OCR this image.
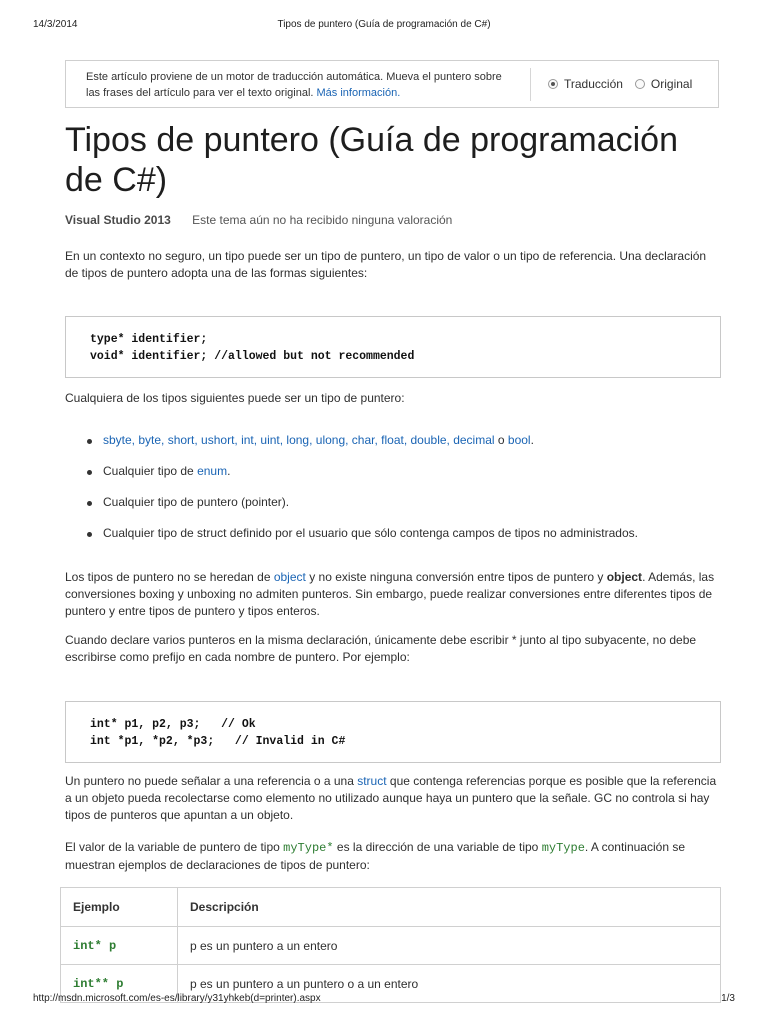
14/3/2014	Tipos de puntero (Guía de programación de C#)
Este artículo proviene de un motor de traducción automática. Mueva el puntero sobre las frases del artículo para ver el texto original. Más información.
Traducción Original
Tipos de puntero (Guía de programación de C#)
Visual Studio 2013 Este tema aún no ha recibido ninguna valoración

En un contexto no seguro, un tipo puede ser un tipo de puntero, un tipo de valor o un tipo de referencia. Una declaración de tipos de puntero adopta una de las formas siguientes:

type* identifier;
void* identifier; //allowed but not recommended

Cualquiera de los tipos siguientes puede ser un tipo de puntero:

sbyte, byte, short, ushort, int, uint, long, ulong, char, float, double, decimal o bool.
Cualquier tipo de enum.
Cualquier tipo de puntero (pointer).
Cualquier tipo de struct definido por el usuario que sólo contenga campos de tipos no administrados.

Los tipos de puntero no se heredan de object y no existe ninguna conversión entre tipos de puntero y object. Además, las conversiones boxing y unboxing no admiten punteros. Sin embargo, puede realizar conversiones entre diferentes tipos de puntero y entre tipos de puntero y tipos enteros.

Cuando declare varios punteros en la misma declaración, únicamente debe escribir * junto al tipo subyacente, no debe escribirse como prefijo en cada nombre de puntero. Por ejemplo:

int* p1, p2, p3;   // Ok
int *p1, *p2, *p3;   // Invalid in C#

Un puntero no puede señalar a una referencia o a una struct que contenga referencias porque es posible que la referencia a un objeto pueda recolectarse como elemento no utilizado aunque haya un puntero que la señale. GC no controla si hay tipos de punteros que apuntan a un objeto.

El valor de la variable de puntero de tipo myType* es la dirección de una variable de tipo myType. A continuación se muestran ejemplos de declaraciones de tipos de puntero:

Ejemplo	Descripción
int* p	p es un puntero a un entero
int** p	p es un puntero a un puntero o a un entero
http://msdn.microsoft.com/es-es/library/y31yhkeb(d=printer).aspx	1/3
